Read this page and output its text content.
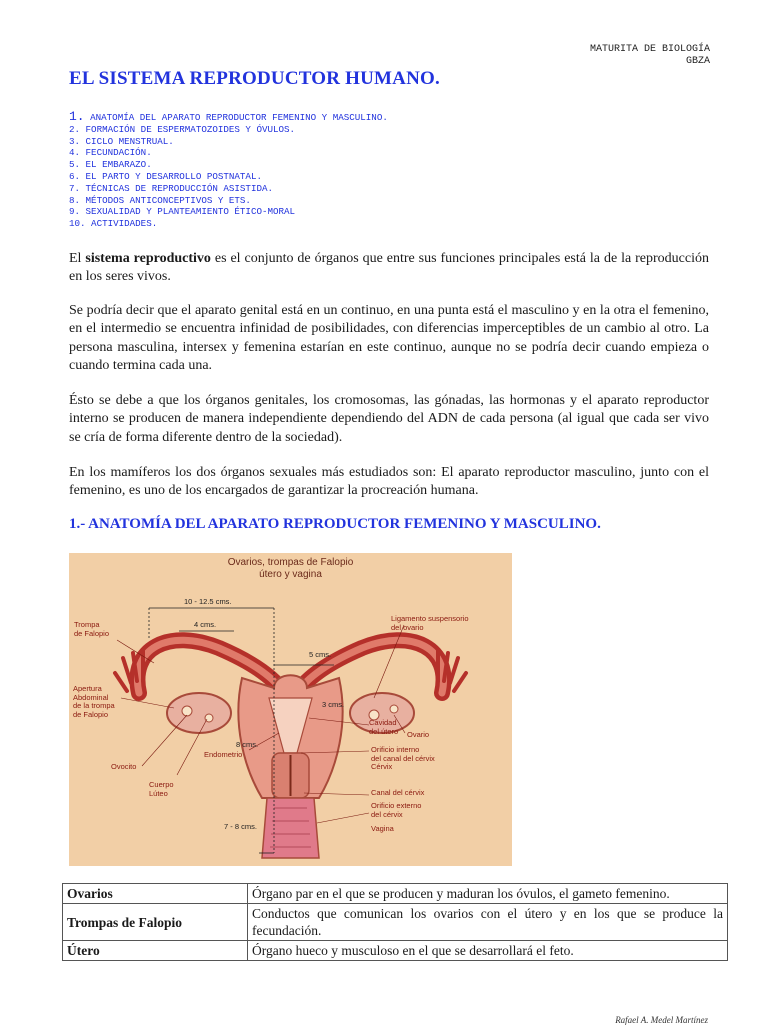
MATURITA DE BIOLOGÍA
GBZA
EL SISTEMA REPRODUCTOR HUMANO.
1. ANATOMÍA DEL APARATO REPRODUCTOR FEMENINO Y MASCULINO.
2. FORMACIÓN DE ESPERMATOZOIDES Y ÓVULOS.
3. CICLO MENSTRUAL.
4. FECUNDACIÓN.
5. EL EMBARAZO.
6. EL PARTO Y DESARROLLO POSTNATAL.
7. TÉCNICAS DE REPRODUCCIÓN ASISTIDA.
8. MÉTODOS ANTICONCEPTIVOS Y ETS.
9. SEXUALIDAD Y PLANTEAMIENTO ÉTICO-MORAL
10. ACTIVIDADES.

El sistema reproductivo es el conjunto de órganos que entre sus funciones principales está la de la reproducción en los seres vivos.

Se podría decir que el aparato genital está en un continuo, en una punta está el masculino y en la otra el femenino, en el intermedio se encuentra infinidad de posibilidades, con diferencias imperceptibles de un cambio al otro. La persona masculina, intersex y femenina estarían en este continuo, aunque no se podría decir cuando empieza o cuando termina cada una.

Ésto se debe a que los órganos genitales, los cromosomas, las gónadas, las hormonas y el aparato reproductor interno se producen de manera independiente dependiendo del ADN de cada persona (al igual que cada ser vivo se cría de forma diferente dentro de la sociedad).

En los mamíferos los dos órganos sexuales más estudiados son: El aparato reproductor masculino, junto con el femenino, es uno de los encargados de garantizar la procreación humana.

1.- ANATOMÍA DEL APARATO REPRODUCTOR FEMENINO Y MASCULINO.
Ovarios, trompas de Falopio
útero y vagina
10 - 12.5 cms.
4 cms.
5 cms.
3 cms.
8 cms.
7 - 8 cms.
Trompa
de Falopio
Apertura
Abdominal
de la trompa
de Falopio
Ovocito
Cuerpo
Lúteo
Endometrio
Ligamento suspensorio
del ovario
Cavidad
del útero Ovario
Orificio interno
del canal del cérvix
Cérvix
Canal del cérvix
Orificio externo
del cérvix
Vagina
Ovarios	Órgano par en el que se producen y maduran los óvulos, el gameto femenino.
Trompas de Falopio	Conductos que comunican los ovarios con el útero y en los que se produce la fecundación.
Útero	Órgano hueco y musculoso en el que se desarrollará el feto.
Rafael A. Medel Martínez
